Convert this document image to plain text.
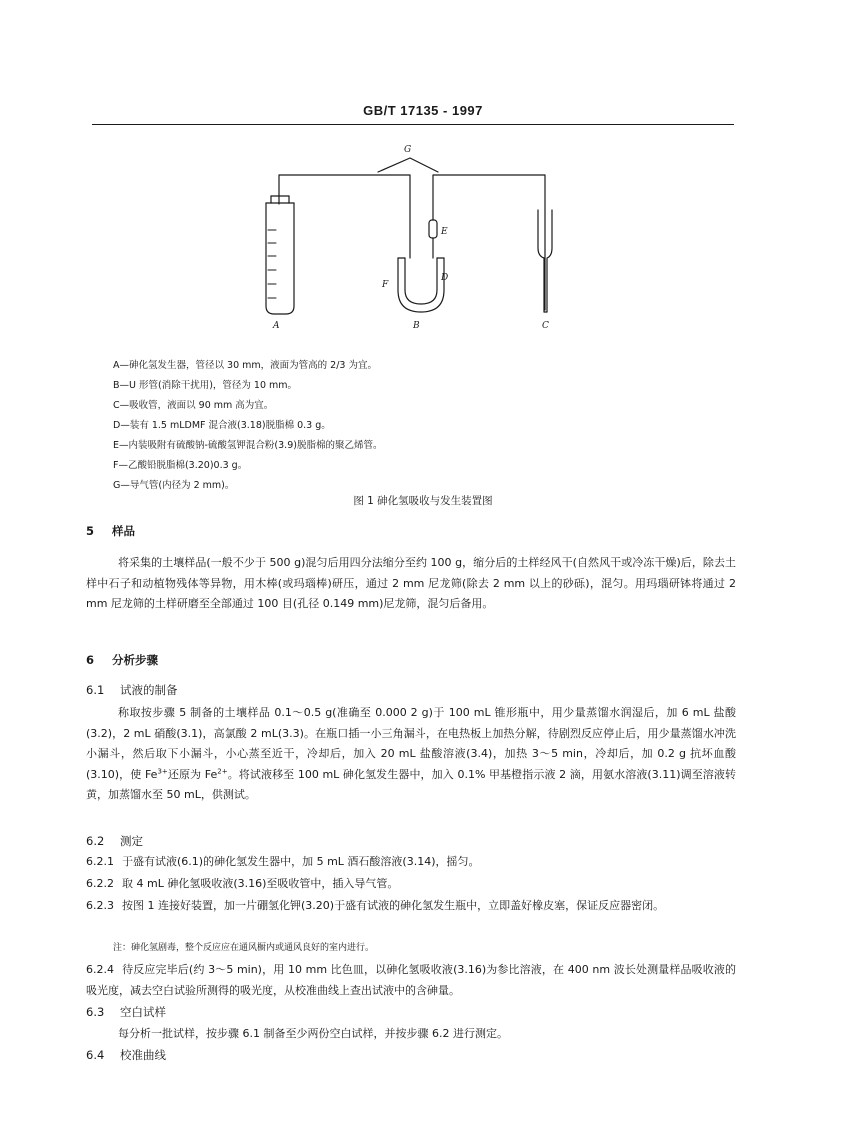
GB/T 17135 - 1997
G
E
D
F
A	B	C
A—砷化氢发生器，管径以 30 mm，液面为管高的 2/3 为宜。
B—U 形管(消除干扰用)，管径为 10 mm。
C—吸收管，液面以 90 mm 高为宜。
D—装有 1.5 mLDMF 混合液(3.18)脱脂棉 0.3 g。
E—内装吸附有硫酸钠-硫酸氢钾混合粉(3.9)脱脂棉的聚乙烯管。
F—乙酸铅脱脂棉(3.20)0.3 g。
G—导气管(内径为 2 mm)。
图 1 砷化氢吸收与发生装置图
5 样品
将采集的土壤样品(一般不少于 500 g)混匀后用四分法缩分至约 100 g，缩分后的土样经风干(自然风干或冷冻干燥)后，除去土样中石子和动植物残体等异物，用木棒(或玛瑙棒)研压，通过 2 mm 尼龙筛(除去 2 mm 以上的砂砾)，混匀。用玛瑙研钵将通过 2 mm 尼龙筛的土样研磨至全部通过 100 目(孔径 0.149 mm)尼龙筛，混匀后备用。
6 分析步骤
6.1 试液的制备
称取按步骤 5 制备的土壤样品 0.1～0.5 g(准确至 0.000 2 g)于 100 mL 锥形瓶中，用少量蒸馏水润湿后，加 6 mL 盐酸(3.2)，2 mL 硝酸(3.1)，高氯酸 2 mL(3.3)。在瓶口插一小三角漏斗，在电热板上加热分解，待剧烈反应停止后，用少量蒸馏水冲洗小漏斗，然后取下小漏斗，小心蒸至近干，冷却后，加入 20 mL 盐酸溶液(3.4)，加热 3～5 min，冷却后，加 0.2 g 抗坏血酸(3.10)，使 $Fe^{3+}$还原为 $Fe^{2+}$。将试液移至 100 mL 砷化氢发生器中，加入 0.1% 甲基橙指示液 2 滴，用氨水溶液(3.11)调至溶液转黄，加蒸馏水至 50 mL，供测试。
6.2 测定
6.2.1 于盛有试液(6.1)的砷化氢发生器中，加 5 mL 酒石酸溶液(3.14)，摇匀。
6.2.2 取 4 mL 砷化氢吸收液(3.16)至吸收管中，插入导气管。
6.2.3 按图 1 连接好装置，加一片硼氢化钾(3.20)于盛有试液的砷化氢发生瓶中，立即盖好橡皮塞，保证反应器密闭。
注：砷化氢剧毒，整个反应应在通风橱内或通风良好的室内进行。
6.2.4 待反应完毕后(约 3～5 min)，用 10 mm 比色皿，以砷化氢吸收液(3.16)为参比溶液，在 400 nm 波长处测量样品吸收液的吸光度，减去空白试验所测得的吸光度，从校准曲线上查出试液中的含砷量。
6.3 空白试样
每分析一批试样，按步骤 6.1 制备至少两份空白试样，并按步骤 6.2 进行测定。
6.4 校准曲线
